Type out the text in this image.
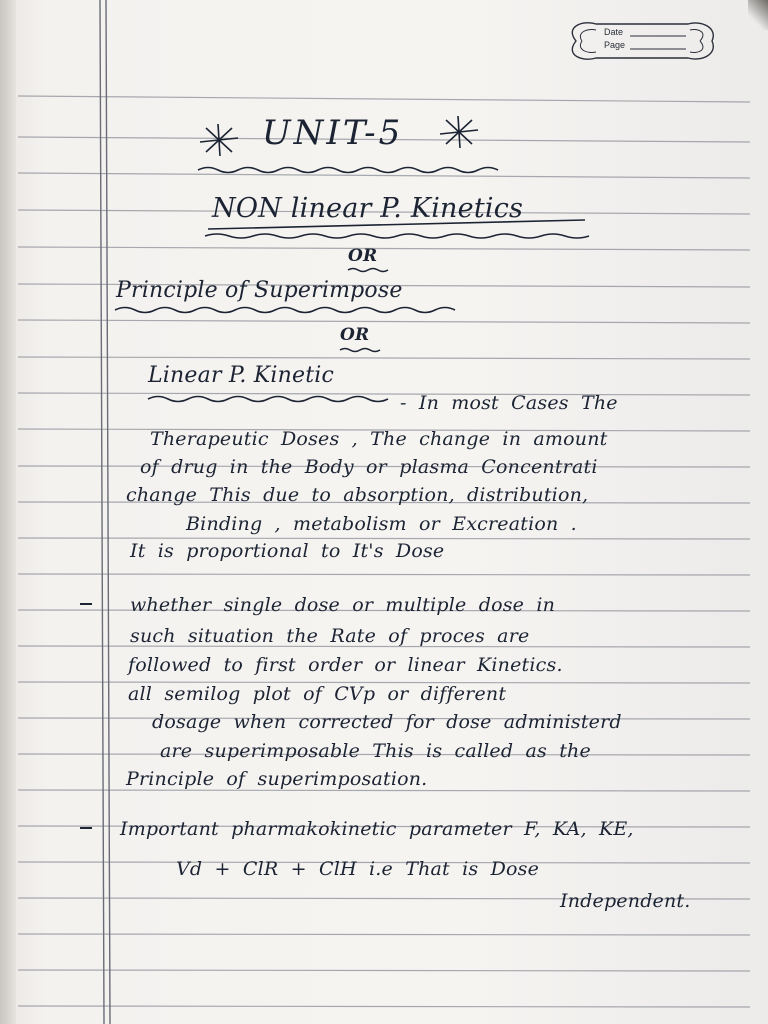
Date
Page
UNIT-5
NON linear P. Kinetics
OR
Principle of Superimpose
OR
Linear P. Kinetic
- In most Cases The
Therapeutic Doses , The change in amount
of drug in the Body or plasma Concentrati
change This due to absorption, distribution,
Binding , metabolism or Excreation .
It is proportional to It's Dose
whether single dose or multiple dose in
such situation the Rate of proces are
followed to first order or linear Kinetics.
all semilog plot of CVp or different
dosage when corrected for dose administerd
are superimposable This is called as the
Principle of superimposation.
Important pharmakokinetic parameter F, KA, KE,
Vd + ClR + ClH i.e That is Dose
Independent.
